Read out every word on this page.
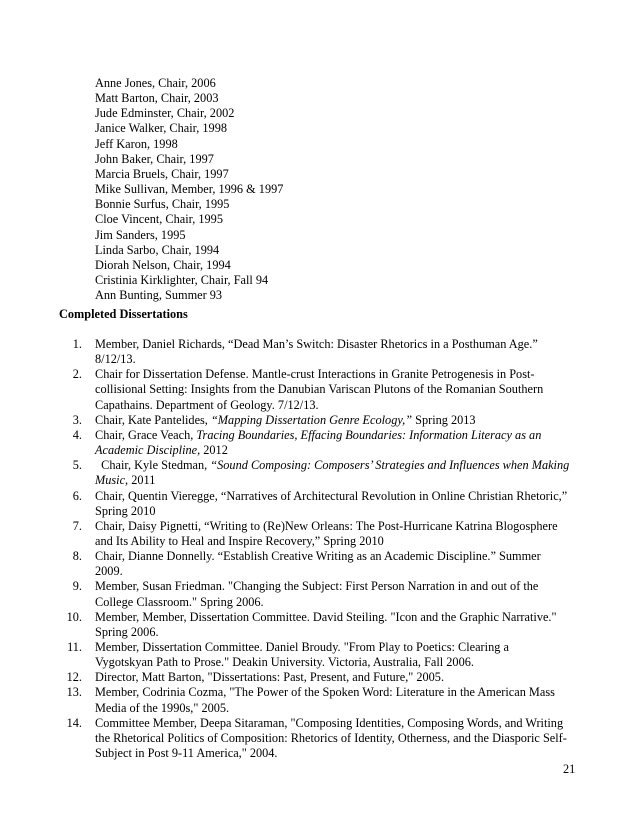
Anne Jones, Chair, 2006
Matt Barton, Chair, 2003
Jude Edminster, Chair, 2002
Janice Walker, Chair, 1998
Jeff Karon, 1998
John Baker, Chair, 1997
Marcia Bruels, Chair, 1997
Mike Sullivan, Member, 1996 & 1997
Bonnie Surfus, Chair, 1995
Cloe Vincent, Chair, 1995
Jim Sanders, 1995
Linda Sarbo, Chair, 1994
Diorah Nelson, Chair, 1994
Cristinia Kirklighter, Chair, Fall 94
Ann Bunting, Summer 93
Completed Dissertations
1. Member, Daniel Richards, “Dead Man’s Switch: Disaster Rhetorics in a Posthuman Age.”
8/12/13.
2. Chair for Dissertation Defense. Mantle-crust Interactions in Granite Petrogenesis in Post-
collisional Setting: Insights from the Danubian Variscan Plutons of the Romanian Southern
Capathains. Department of Geology. 7/12/13.
3. Chair, Kate Pantelides, “Mapping Dissertation Genre Ecology,” Spring 2013
4. Chair, Grace Veach, Tracing Boundaries, Effacing Boundaries: Information Literacy as an
Academic Discipline, 2012
5. Chair, Kyle Stedman, “Sound Composing: Composers’ Strategies and Influences when Making
Music, 2011
6. Chair, Quentin Vieregge, “Narratives of Architectural Revolution in Online Christian Rhetoric,”
Spring 2010
7. Chair, Daisy Pignetti, “Writing to (Re)New Orleans: The Post-Hurricane Katrina Blogosphere
and Its Ability to Heal and Inspire Recovery,” Spring 2010
8. Chair, Dianne Donnelly. “Establish Creative Writing as an Academic Discipline.” Summer
2009.
9. Member, Susan Friedman. "Changing the Subject: First Person Narration in and out of the
College Classroom." Spring 2006.
10. Member, Member, Dissertation Committee. David Steiling. "Icon and the Graphic Narrative."
Spring 2006.
11. Member, Dissertation Committee. Daniel Broudy. "From Play to Poetics: Clearing a
Vygotskyan Path to Prose." Deakin University. Victoria, Australia, Fall 2006.
12. Director, Matt Barton, "Dissertations: Past, Present, and Future," 2005.
13. Member, Codrinia Cozma, "The Power of the Spoken Word: Literature in the American Mass
Media of the 1990s," 2005.
14. Committee Member, Deepa Sitaraman, "Composing Identities, Composing Words, and Writing
the Rhetorical Politics of Composition: Rhetorics of Identity, Otherness, and the Diasporic Self-
Subject in Post 9-11 America," 2004.
21
